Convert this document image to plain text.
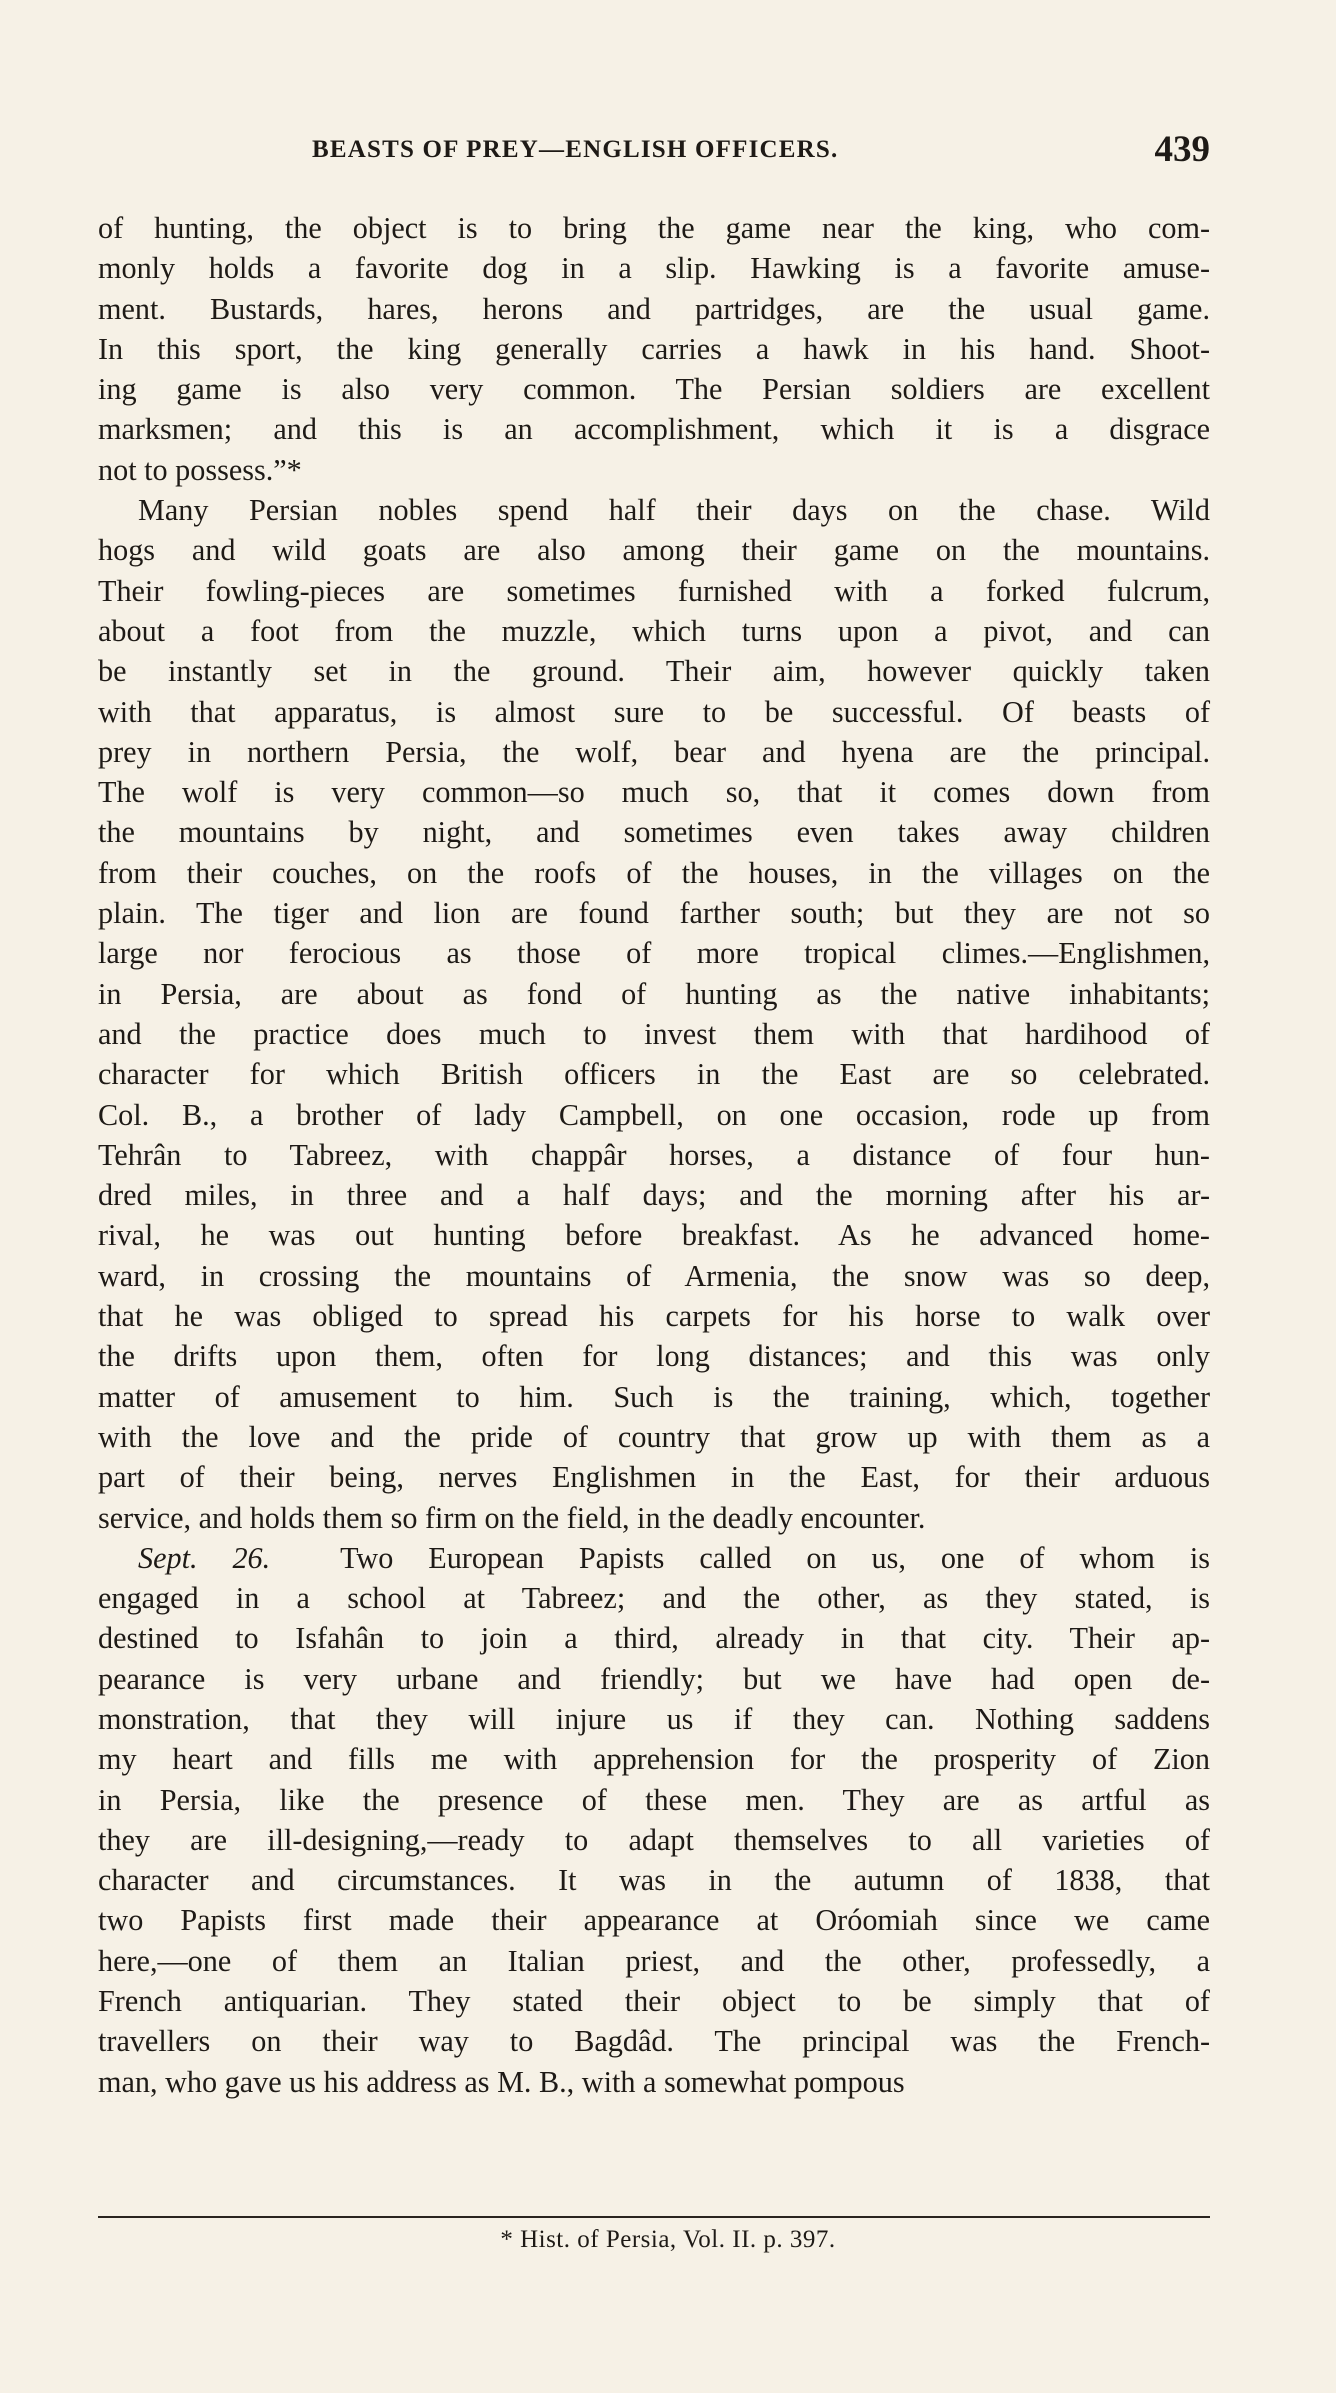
BEASTS OF PREY—ENGLISH OFFICERS.	439
of hunting, the object is to bring the game near the king, who com-
monly holds a favorite dog in a slip. Hawking is a favorite amuse-
ment. Bustards, hares, herons and partridges, are the usual game.
In this sport, the king generally carries a hawk in his hand. Shoot-
ing game is also very common. The Persian soldiers are excellent
marksmen; and this is an accomplishment, which it is a disgrace
not to possess.”*
Many Persian nobles spend half their days on the chase. Wild
hogs and wild goats are also among their game on the mountains.
Their fowling-pieces are sometimes furnished with a forked fulcrum,
about a foot from the muzzle, which turns upon a pivot, and can
be instantly set in the ground. Their aim, however quickly taken
with that apparatus, is almost sure to be successful. Of beasts of
prey in northern Persia, the wolf, bear and hyena are the principal.
The wolf is very common—so much so, that it comes down from
the mountains by night, and sometimes even takes away children
from their couches, on the roofs of the houses, in the villages on the
plain. The tiger and lion are found farther south; but they are not so
large nor ferocious as those of more tropical climes.—Englishmen,
in Persia, are about as fond of hunting as the native inhabitants;
and the practice does much to invest them with that hardihood of
character for which British officers in the East are so celebrated.
Col. B., a brother of lady Campbell, on one occasion, rode up from
Tehrân to Tabreez, with chappâr horses, a distance of four hun-
dred miles, in three and a half days; and the morning after his ar-
rival, he was out hunting before breakfast. As he advanced home-
ward, in crossing the mountains of Armenia, the snow was so deep,
that he was obliged to spread his carpets for his horse to walk over
the drifts upon them, often for long distances; and this was only
matter of amusement to him. Such is the training, which, together
with the love and the pride of country that grow up with them as a
part of their being, nerves Englishmen in the East, for their arduous
service, and holds them so firm on the field, in the deadly encounter.
Sept. 26. Two European Papists called on us, one of whom is
engaged in a school at Tabreez; and the other, as they stated, is
destined to Isfahân to join a third, already in that city. Their ap-
pearance is very urbane and friendly; but we have had open de-
monstration, that they will injure us if they can. Nothing saddens
my heart and fills me with apprehension for the prosperity of Zion
in Persia, like the presence of these men. They are as artful as
they are ill-designing,—ready to adapt themselves to all varieties of
character and circumstances. It was in the autumn of 1838, that
two Papists first made their appearance at Oróomiah since we came
here,—one of them an Italian priest, and the other, professedly, a
French antiquarian. They stated their object to be simply that of
travellers on their way to Bagdâd. The principal was the French-
man, who gave us his address as M. B., with a somewhat pompous
* Hist. of Persia, Vol. II. p. 397.
